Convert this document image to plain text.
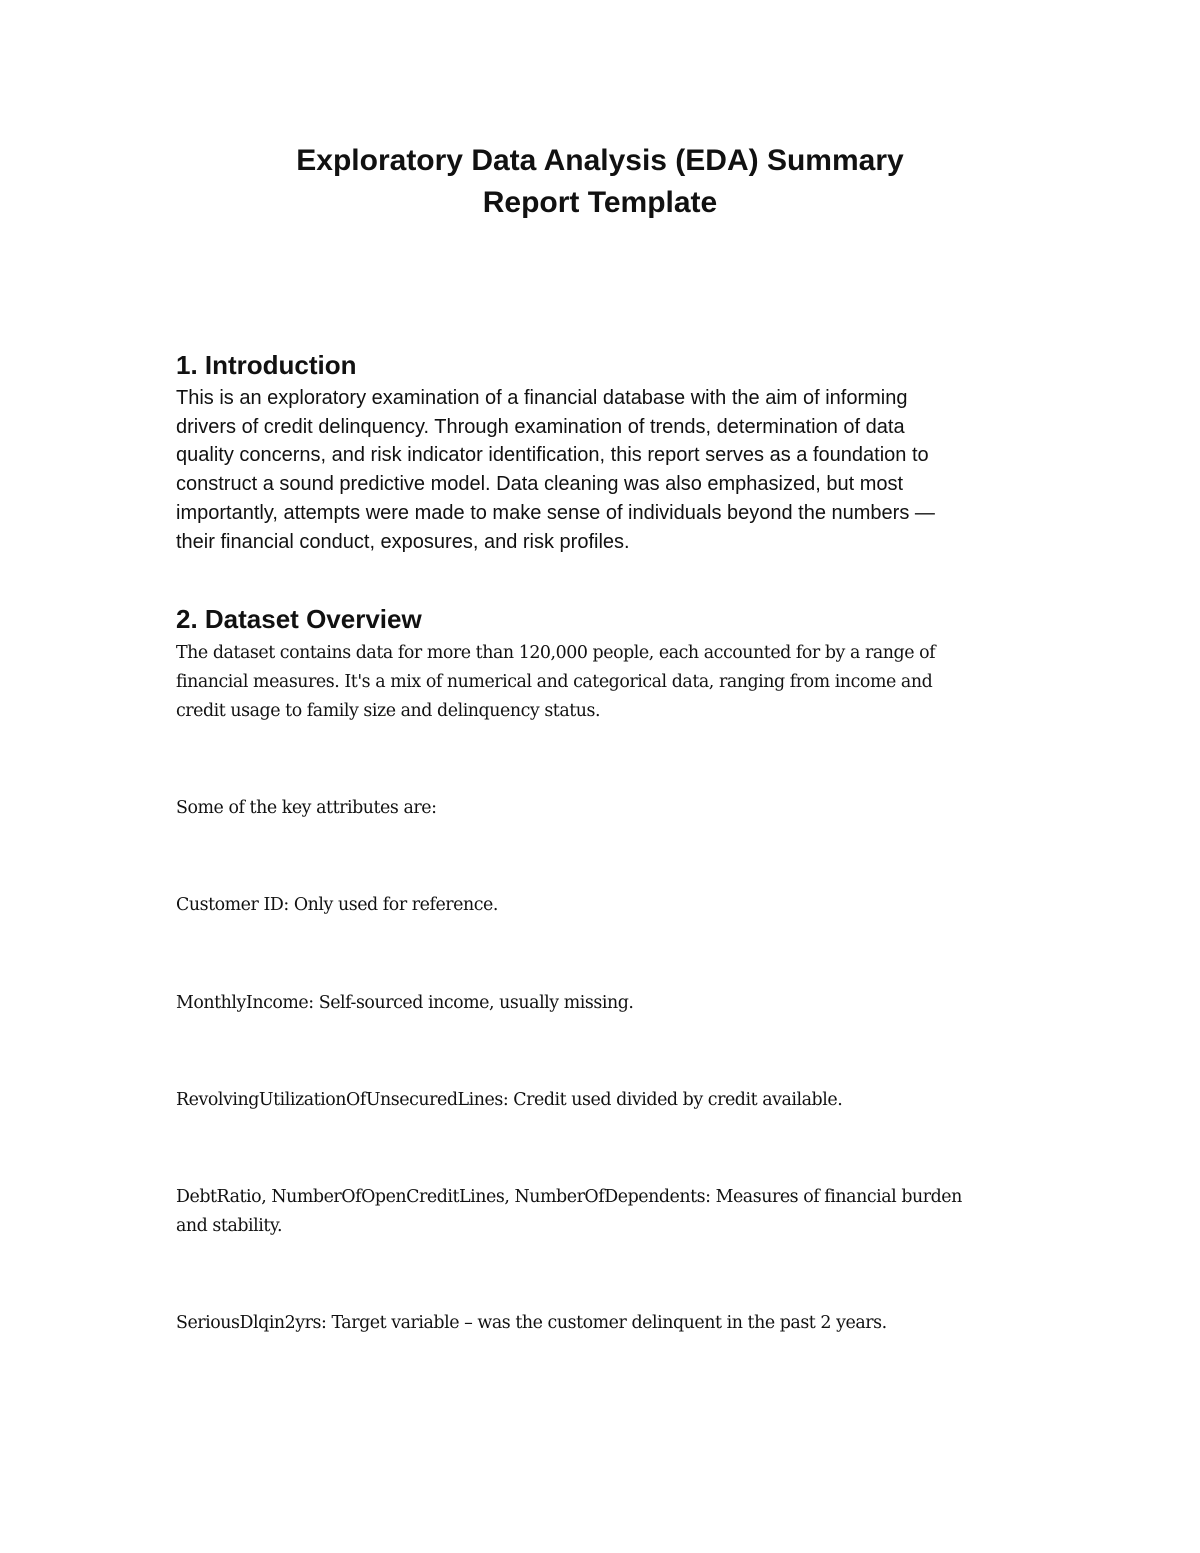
Exploratory Data Analysis (EDA) Summary
Report Template
1. Introduction

This is an exploratory examination of a financial database with the aim of informing
drivers of credit delinquency. Through examination of trends, determination of data
quality concerns, and risk indicator identification, this report serves as a foundation to
construct a sound predictive model. Data cleaning was also emphasized, but most
importantly, attempts were made to make sense of individuals beyond the numbers —
their financial conduct, exposures, and risk profiles.

2. Dataset Overview

The dataset contains data for more than 120,000 people, each accounted for by a range of
financial measures. It's a mix of numerical and categorical data, ranging from income and
credit usage to family size and delinquency status.

Some of the key attributes are:

Customer ID: Only used for reference.

MonthlyIncome: Self-sourced income, usually missing.

RevolvingUtilizationOfUnsecuredLines: Credit used divided by credit available.

DebtRatio, NumberOfOpenCreditLines, NumberOfDependents: Measures of financial burden
and stability.

SeriousDlqin2yrs: Target variable – was the customer delinquent in the past 2 years.
